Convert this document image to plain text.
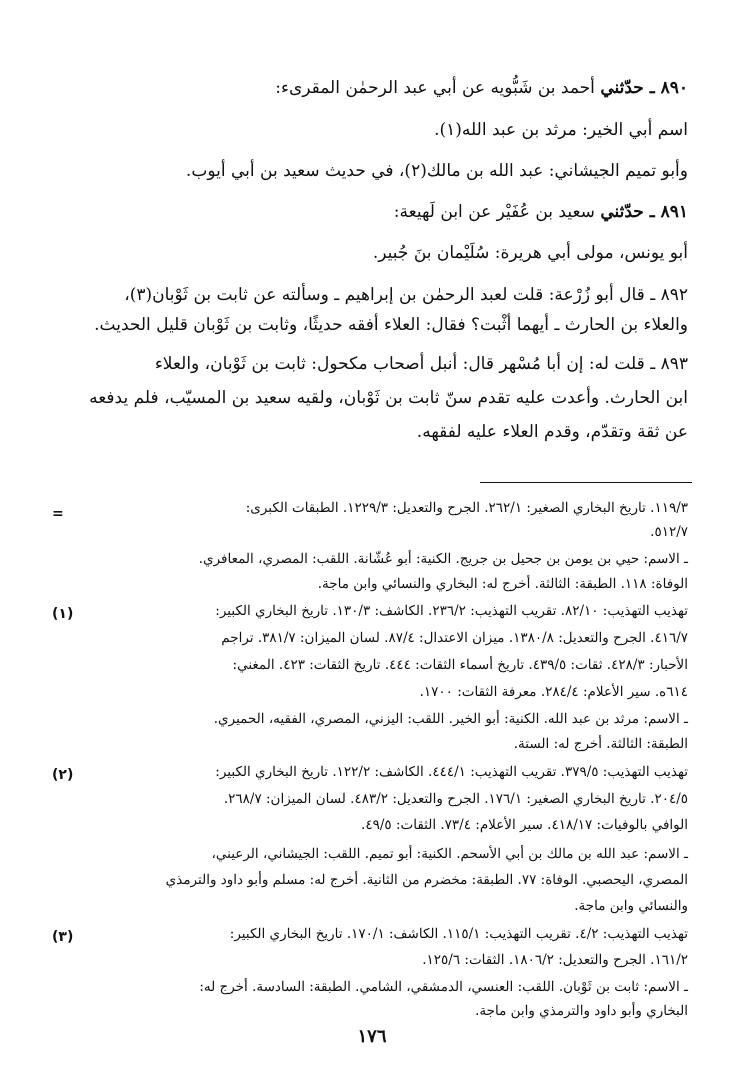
٨٩٠ ـ حدّثني أحمد بن شَبُّويه عن أبي عبد الرحمٰن المقرىء:
اسم أبي الخير: مرثد بن عبد الله(١).
وأبو تميم الجيشاني: عبد الله بن مالك(٢)، في حديث سعيد بن أبي أيوب.
٨٩١ ـ حدّثني سعيد بن عُفَيْر عن ابن لَهيعة:
أبو يونس، مولى أبي هريرة: سُلَيْمان بنَ جُبير.
٨٩٢ ـ قال أبو زُرْعة: قلت لعبد الرحمٰن بن إبراهيم ـ وسألته عن ثابت بن ثَوْبان(٣)،
والعلاء بن الحارث ـ أيهما أثْبت؟ فقال: العلاء أفقه حديثًا، وثابت بن ثَوْبان قليل الحديث.
٨٩٣ ـ قلت له: إن أبا مُسْهر قال: أنبل أصحاب مكحول: ثابت بن ثَوْبان، والعلاء
ابن الحارث. وأعدت عليه تقدم سنّ ثابت بن ثَوْبان، ولقيه سعيد بن المسيّب، فلم يدفعه
عن ثقة وتقدّم، وقدم العلاء عليه لفقهه.
=	١١٩/٣. تاريخ البخاري الصغير: ٢٦٢/١. الجرح والتعديل: ١٢٢٩/٣. الطبقات الكبرى:
٥١٢/٧.
ـ الاسم: حيي بن يومن بن جحيل بن جريج. الكنية: أبو عُشّانة. اللقب: المصري، المعافري.
الوفاة: ١١٨. الطبقة: الثالثة. أخرج له: البخاري والنسائي وابن ماجة.
(١)	تهذيب التهذيب: ٨٢/١٠. تقريب التهذيب: ٢٣٦/٢. الكاشف: ١٣٠/٣. تاريخ البخاري الكبير:
٤١٦/٧. الجرح والتعديل: ١٣٨٠/٨. ميزان الاعتدال: ٨٧/٤. لسان الميزان: ٣٨١/٧. تراجم
الأحبار: ٤٢٨/٣. ثقات: ٤٣٩/٥. تاريخ أسماء الثقات: ٤٤٤. تاريخ الثقات: ٤٢٣. المغني:
٦١٤ه. سير الأعلام: ٢٨٤/٤. معرفة الثقات: ١٧٠٠.
ـ الاسم: مرثد بن عبد الله. الكنية: أبو الخير. اللقب: اليزني، المصري، الفقيه، الحميري.
الطبقة: الثالثة. أخرج له: الستة.
(٢)	تهذيب التهذيب: ٣٧٩/٥. تقريب التهذيب: ٤٤٤/١. الكاشف: ١٢٢/٢. تاريخ البخاري الكبير:
٢٠٤/٥. تاريخ البخاري الصغير: ١٧٦/١. الجرح والتعديل: ٤٨٣/٢. لسان الميزان: ٢٦٨/٧.
الوافي بالوفيات: ٤١٨/١٧. سير الأعلام: ٧٣/٤. الثقات: ٤٩/٥.
ـ الاسم: عبد الله بن مالك بن أبي الأسحم. الكنية: أبو تميم. اللقب: الجيشاني، الرعيني،
المصري، اليحصبي. الوفاة: ٧٧. الطبقة: مخضرم من الثانية. أخرج له: مسلم وأبو داود والترمذي
والنسائي وابن ماجة.
(٣)	تهذيب التهذيب: ٤/٢. تقريب التهذيب: ١١٥/١. الكاشف: ١٧٠/١. تاريخ البخاري الكبير:
١٦١/٢. الجرح والتعديل: ١٨٠٦/٢. الثقات: ١٢٥/٦.
ـ الاسم: ثابت بن ثَوْبان. اللقب: العنسي، الدمشقي، الشامي. الطبقة: السادسة. أخرج له:
البخاري وأبو داود والترمذي وابن ماجة.
١٧٦
